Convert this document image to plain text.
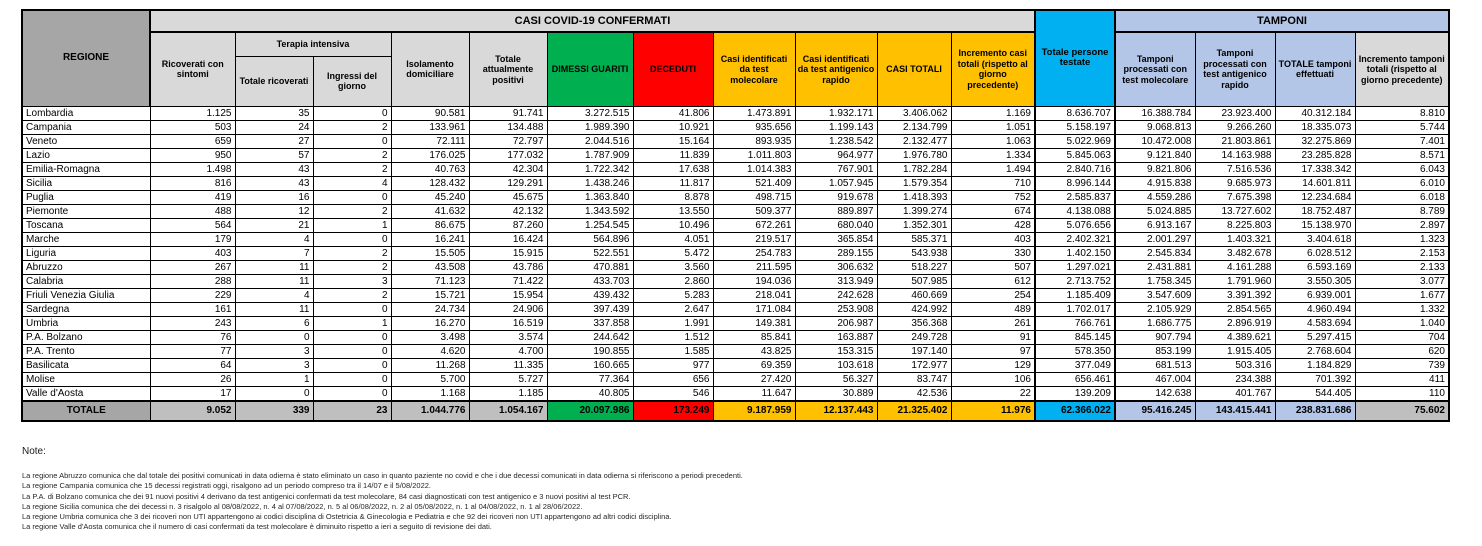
REGIONE	CASI COVID-19 CONFERMATI											Totale persone testate	TAMPONI			
	Ricoverati con sintomi	Terapia intensiva		Isolamento domiciliare	Totale attualmente positivi	DIMESSI GUARITI	DECEDUTI	Casi identificati da test molecolare	Casi identificati da test antigenico rapido	CASI TOTALI	Incremento casi totali (rispetto al giorno precedente)		Tamponi processati con test molecolare	Tamponi processati con test antigenico rapido	TOTALE tamponi effettuati	Incremento tamponi totali (rispetto al giorno precedente)
		Totale ricoverati	Ingressi del giorno													
Lombardia	1.125	35	0	90.581	91.741	3.272.515	41.806	1.473.891	1.932.171	3.406.062	1.169	8.636.707	16.388.784	23.923.400	40.312.184	8.810
Campania	503	24	2	133.961	134.488	1.989.390	10.921	935.656	1.199.143	2.134.799	1.051	5.158.197	9.068.813	9.266.260	18.335.073	5.744
Veneto	659	27	0	72.111	72.797	2.044.516	15.164	893.935	1.238.542	2.132.477	1.063	5.022.969	10.472.008	21.803.861	32.275.869	7.401
Lazio	950	57	2	176.025	177.032	1.787.909	11.839	1.011.803	964.977	1.976.780	1.334	5.845.063	9.121.840	14.163.988	23.285.828	8.571
Emilia-Romagna	1.498	43	2	40.763	42.304	1.722.342	17.638	1.014.383	767.901	1.782.284	1.494	2.840.716	9.821.806	7.516.536	17.338.342	6.043
Sicilia	816	43	4	128.432	129.291	1.438.246	11.817	521.409	1.057.945	1.579.354	710	8.996.144	4.915.838	9.685.973	14.601.811	6.010
Puglia	419	16	0	45.240	45.675	1.363.840	8.878	498.715	919.678	1.418.393	752	2.585.837	4.559.286	7.675.398	12.234.684	6.018
Piemonte	488	12	2	41.632	42.132	1.343.592	13.550	509.377	889.897	1.399.274	674	4.138.088	5.024.885	13.727.602	18.752.487	8.789
Toscana	564	21	1	86.675	87.260	1.254.545	10.496	672.261	680.040	1.352.301	428	5.076.656	6.913.167	8.225.803	15.138.970	2.897
Marche	179	4	0	16.241	16.424	564.896	4.051	219.517	365.854	585.371	403	2.402.321	2.001.297	1.403.321	3.404.618	1.323
Liguria	403	7	2	15.505	15.915	522.551	5.472	254.783	289.155	543.938	330	1.402.150	2.545.834	3.482.678	6.028.512	2.153
Abruzzo	267	11	2	43.508	43.786	470.881	3.560	211.595	306.632	518.227	507	1.297.021	2.431.881	4.161.288	6.593.169	2.133
Calabria	288	11	3	71.123	71.422	433.703	2.860	194.036	313.949	507.985	612	2.713.752	1.758.345	1.791.960	3.550.305	3.077
Friuli Venezia Giulia	229	4	2	15.721	15.954	439.432	5.283	218.041	242.628	460.669	254	1.185.409	3.547.609	3.391.392	6.939.001	1.677
Sardegna	161	11	0	24.734	24.906	397.439	2.647	171.084	253.908	424.992	489	1.702.017	2.105.929	2.854.565	4.960.494	1.332
Umbria	243	6	1	16.270	16.519	337.858	1.991	149.381	206.987	356.368	261	766.761	1.686.775	2.896.919	4.583.694	1.040
P.A. Bolzano	76	0	0	3.498	3.574	244.642	1.512	85.841	163.887	249.728	91	845.145	907.794	4.389.621	5.297.415	704
P.A. Trento	77	3	0	4.620	4.700	190.855	1.585	43.825	153.315	197.140	97	578.350	853.199	1.915.405	2.768.604	620
Basilicata	64	3	0	11.268	11.335	160.665	977	69.359	103.618	172.977	129	377.049	681.513	503.316	1.184.829	739
Molise	26	1	0	5.700	5.727	77.364	656	27.420	56.327	83.747	106	656.461	467.004	234.388	701.392	411
Valle d'Aosta	17	0	0	1.168	1.185	40.805	546	11.647	30.889	42.536	22	139.209	142.638	401.767	544.405	110
TOTALE	9.052	339	23	1.044.776	1.054.167	20.097.986	173.249	9.187.959	12.137.443	21.325.402	11.976	62.366.022	95.416.245	143.415.441	238.831.686	75.602
Note:
La regione Abruzzo comunica che dal totale dei positivi comunicati in data odierna è stato eliminato un caso in quanto paziente no covid e che i due decessi comunicati in data odierna si riferiscono a periodi precedenti.
La regione Campania comunica che 15 decessi registrati oggi, risalgono ad un periodo compreso tra il 14/07 e il 5/08/2022.
La P.A. di Bolzano comunica che dei 91 nuovi positivi 4 derivano da test antigenici confermati da test molecolare, 84 casi diagnosticati con test antigenico e 3 nuovi positivi al test PCR.
La regione Sicilia comunica che dei decessi n. 3 risalgolo al 08/08/2022, n. 4 al 07/08/2022, n. 5 al 06/08/2022, n. 2 al 05/08/2022, n. 1 al 04/08/2022, n. 1 al 28/06/2022.
La regione Umbria comunica che 3 dei ricoveri non UTI appartengono ai codici disciplina di Ostetricia & Ginecologia e Pediatria e che 92 dei ricoveri non UTI appartengono ad altri codici disciplina.
La regione Valle d'Aosta comunica che il numero di casi confermati da test molecolare è diminuito rispetto a ieri a seguito di revisione dei dati.
